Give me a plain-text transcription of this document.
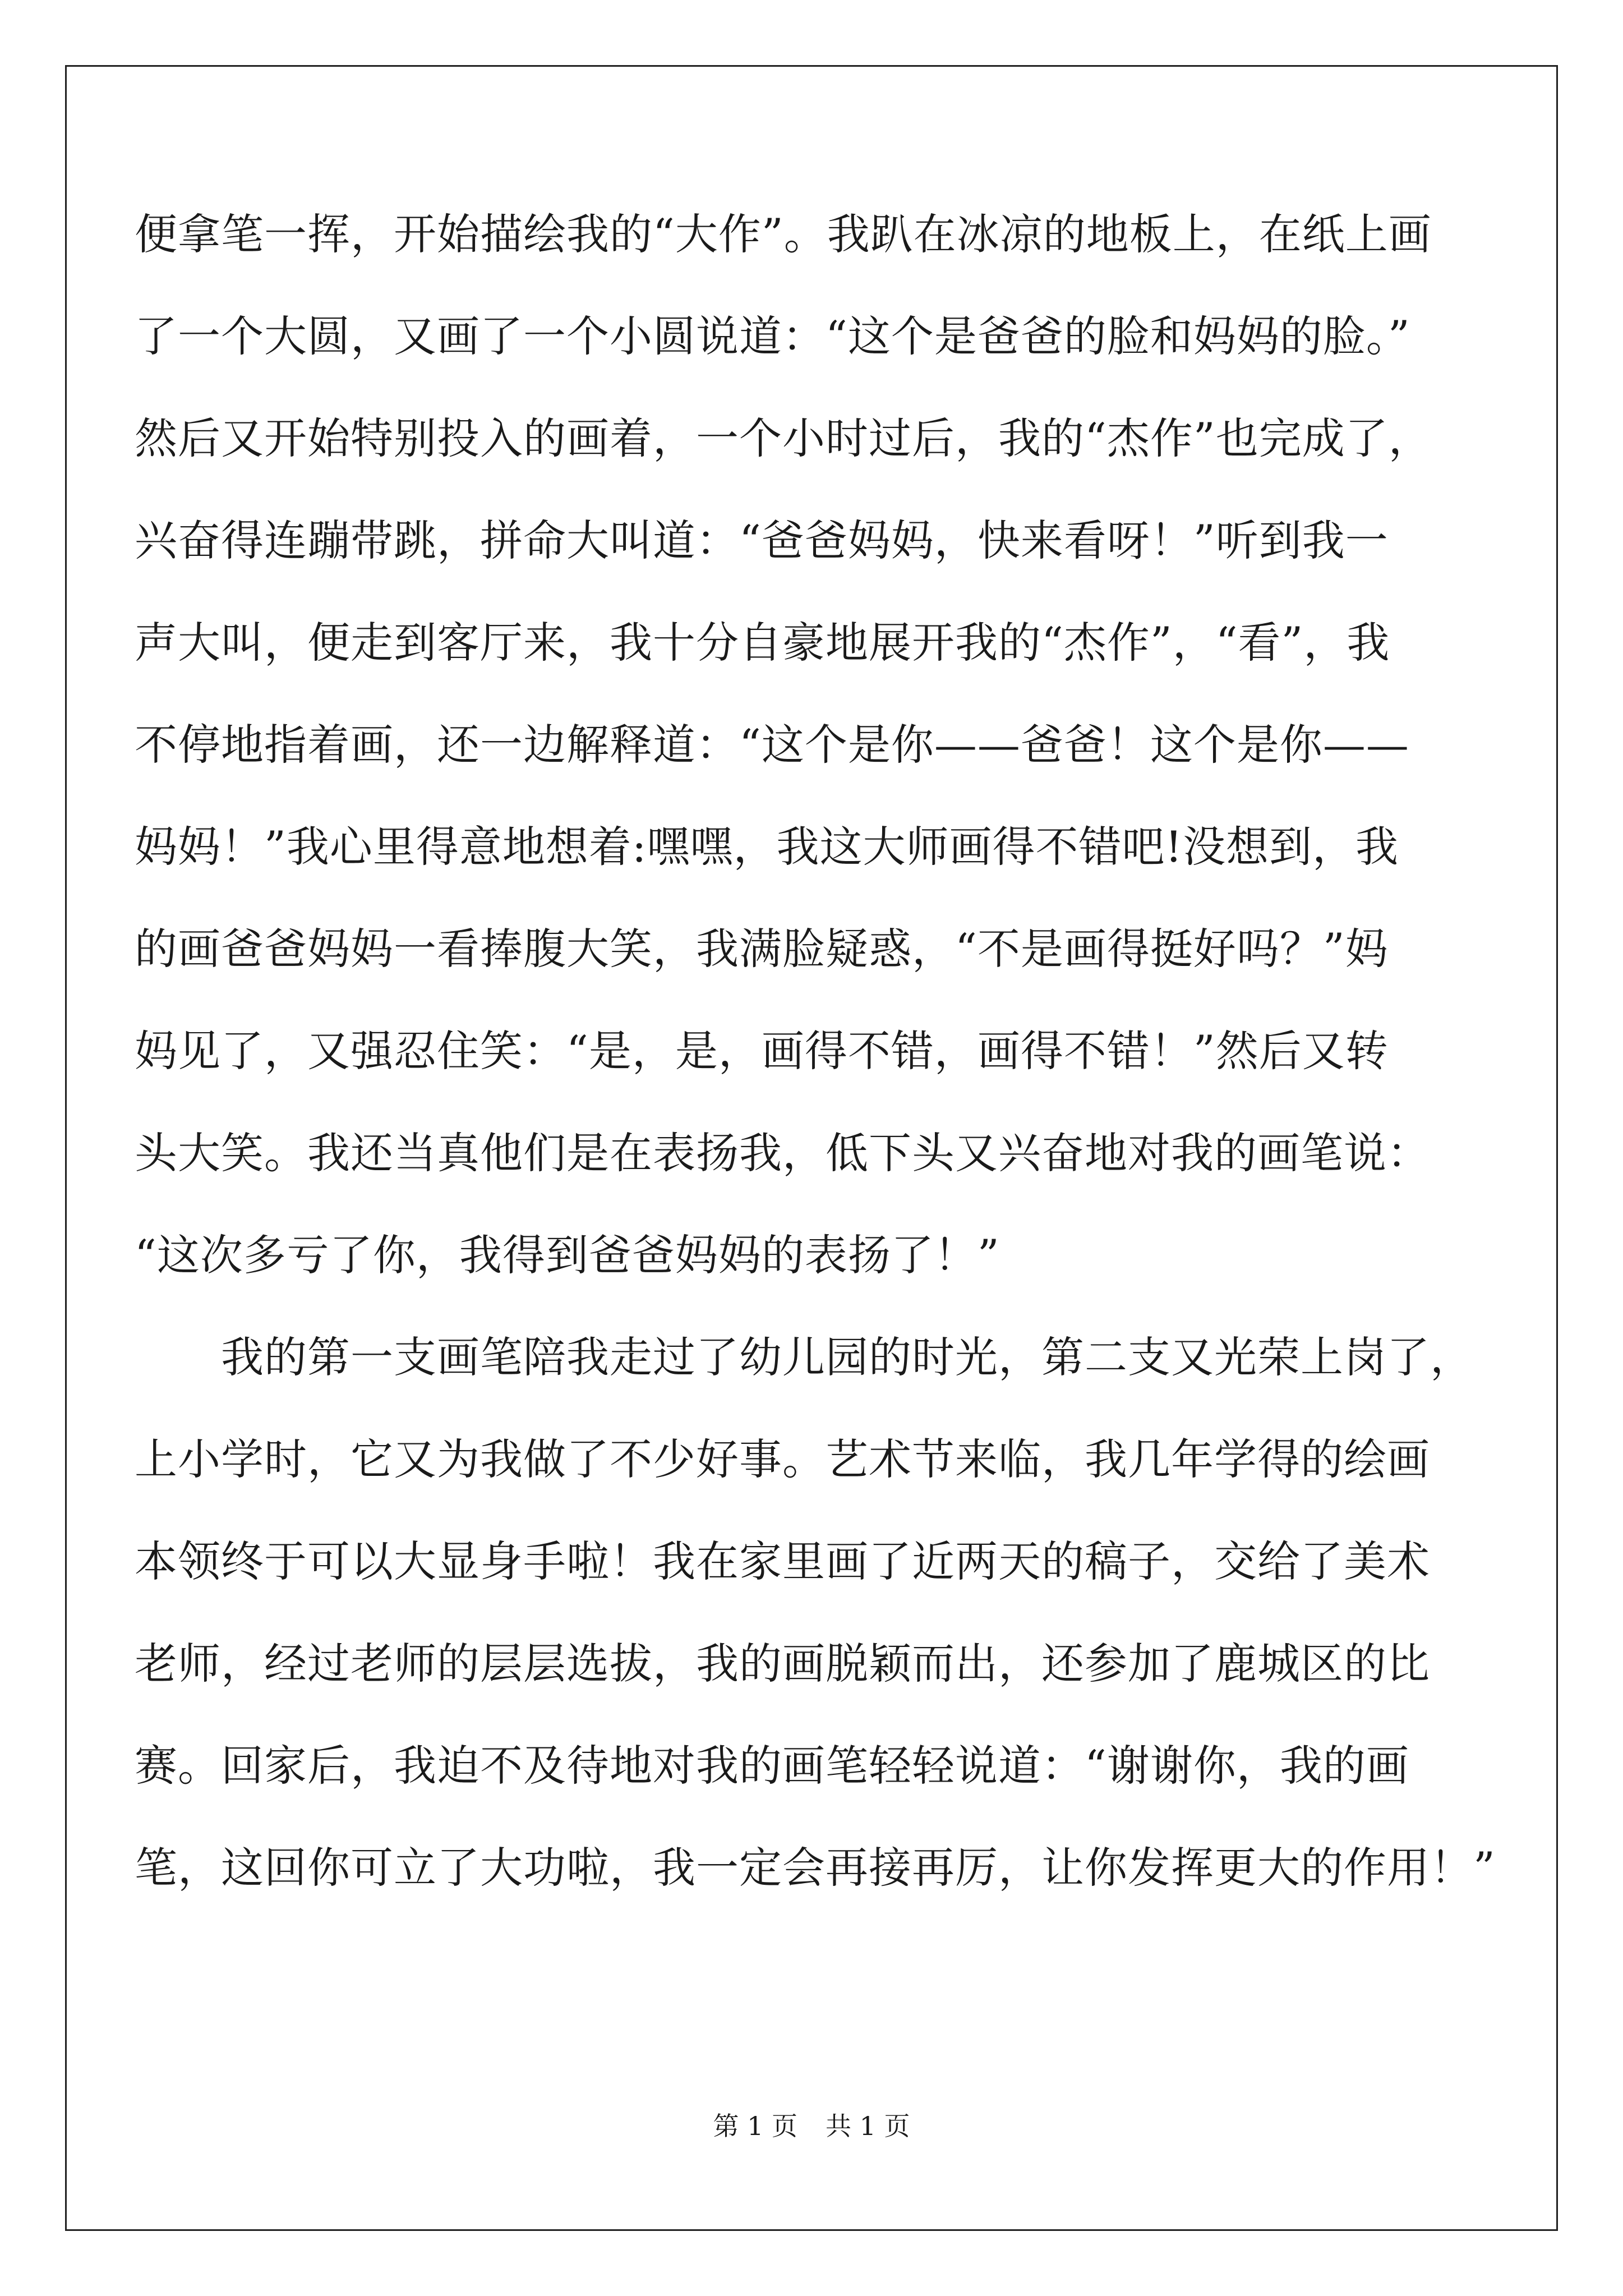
便拿笔一挥，开始描绘我的“大作”。我趴在冰凉的地板上，在纸上画
了一个大圆，又画了一个小圆说道：“这个是爸爸的脸和妈妈的脸。”
然后又开始特别投入的画着，一个小时过后，我的“杰作”也完成了，
兴奋得连蹦带跳，拼命大叫道：“爸爸妈妈，快来看呀！”听到我一
声大叫，便走到客厅来，我十分自豪地展开我的“杰作”，“看”，我
不停地指着画，还一边解释道：“这个是你——爸爸！这个是你——
妈妈！”我心里得意地想着:嘿嘿，我这大师画得不错吧!没想到，我
的画爸爸妈妈一看捧腹大笑，我满脸疑惑，“不是画得挺好吗？”妈
妈见了，又强忍住笑：“是，是，画得不错，画得不错！”然后又转
头大笑。我还当真他们是在表扬我，低下头又兴奋地对我的画笔说：
“这次多亏了你，我得到爸爸妈妈的表扬了！”
　　我的第一支画笔陪我走过了幼儿园的时光，第二支又光荣上岗了，
上小学时，它又为我做了不少好事。艺术节来临，我几年学得的绘画
本领终于可以大显身手啦！我在家里画了近两天的稿子，交给了美术
老师，经过老师的层层选拔，我的画脱颖而出，还参加了鹿城区的比
赛。回家后，我迫不及待地对我的画笔轻轻说道：“谢谢你，我的画
笔，这回你可立了大功啦，我一定会再接再厉，让你发挥更大的作用！”
第 1 页 共 1 页
